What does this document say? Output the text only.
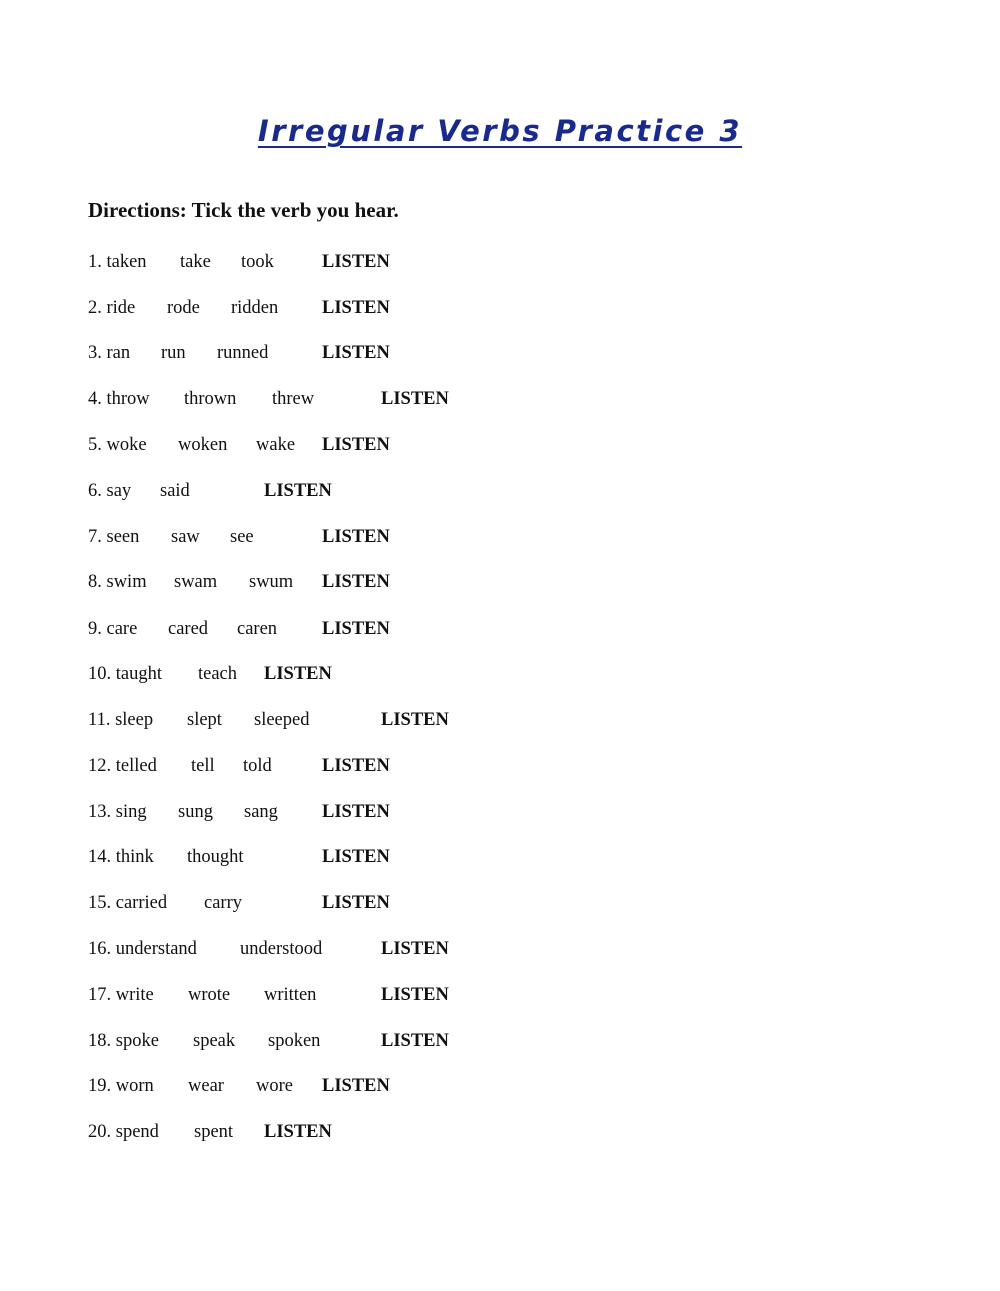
Irregular Verbs Practice 3
Directions: Tick the verb you hear.
1. taken take took	LISTEN
2. ride rode ridden LISTEN
3. ran run runned	LISTEN
4. throw thrown threw	LISTEN
5. woke woken wake LISTEN
6. say said	LISTEN
7. seen saw see	LISTEN
8. swim swam swum LISTEN
9. care cared caren LISTEN
10. taught teach LISTEN
11. sleep slept sleeped	LISTEN
12. telled tell told	LISTEN
13. sing sung sang LISTEN
14. think thought	LISTEN
15. carried carry	LISTEN
16. understand understood	LISTEN
17. write wrote written	LISTEN
18. spoke speak spoken	LISTEN
19. worn wear wore LISTEN
20. spend spent LISTEN
